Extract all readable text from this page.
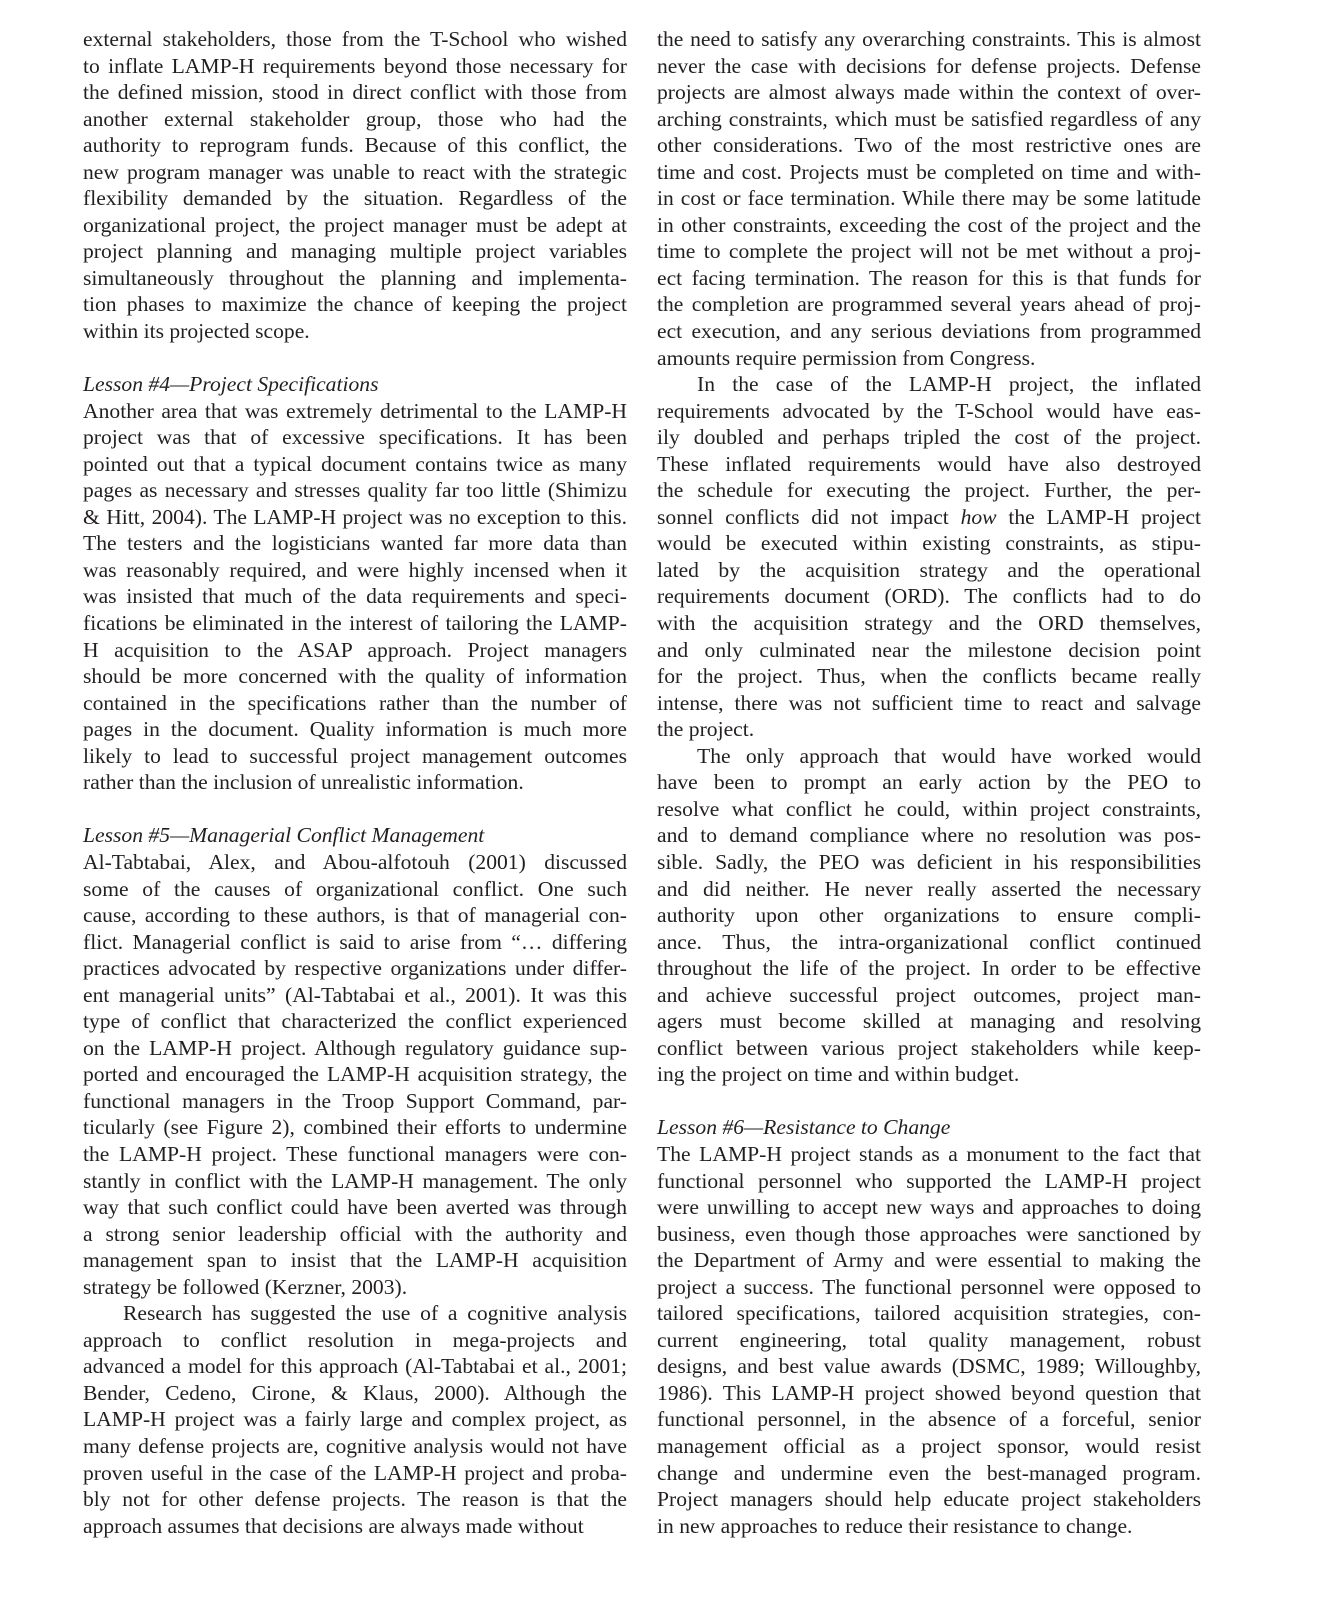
external stakeholders, those from the T-School who wished
to inflate LAMP-H requirements beyond those necessary for
the defined mission, stood in direct conflict with those from
another external stakeholder group, those who had the
authority to reprogram funds. Because of this conflict, the
new program manager was unable to react with the strategic
flexibility demanded by the situation. Regardless of the
organizational project, the project manager must be adept at
project planning and managing multiple project variables
simultaneously throughout the planning and implementa-
tion phases to maximize the chance of keeping the project
within its projected scope.
Lesson #4—Project Specifications
Another area that was extremely detrimental to the LAMP-H
project was that of excessive specifications. It has been
pointed out that a typical document contains twice as many
pages as necessary and stresses quality far too little (Shimizu
& Hitt, 2004). The LAMP-H project was no exception to this.
The testers and the logisticians wanted far more data than
was reasonably required, and were highly incensed when it
was insisted that much of the data requirements and speci-
fications be eliminated in the interest of tailoring the LAMP-
H acquisition to the ASAP approach. Project managers
should be more concerned with the quality of information
contained in the specifications rather than the number of
pages in the document. Quality information is much more
likely to lead to successful project management outcomes
rather than the inclusion of unrealistic information.
Lesson #5—Managerial Conflict Management
Al-Tabtabai, Alex, and Abou-alfotouh (2001) discussed
some of the causes of organizational conflict. One such
cause, according to these authors, is that of managerial con-
flict. Managerial conflict is said to arise from “… differing
practices advocated by respective organizations under differ-
ent managerial units” (Al-Tabtabai et al., 2001). It was this
type of conflict that characterized the conflict experienced
on the LAMP-H project. Although regulatory guidance sup-
ported and encouraged the LAMP-H acquisition strategy, the
functional managers in the Troop Support Command, par-
ticularly (see Figure 2), combined their efforts to undermine
the LAMP-H project. These functional managers were con-
stantly in conflict with the LAMP-H management. The only
way that such conflict could have been averted was through
a strong senior leadership official with the authority and
management span to insist that the LAMP-H acquisition
strategy be followed (Kerzner, 2003).
Research has suggested the use of a cognitive analysis
approach to conflict resolution in mega-projects and
advanced a model for this approach (Al-Tabtabai et al., 2001;
Bender, Cedeno, Cirone, & Klaus, 2000). Although the
LAMP-H project was a fairly large and complex project, as
many defense projects are, cognitive analysis would not have
proven useful in the case of the LAMP-H project and proba-
bly not for other defense projects. The reason is that the
approach assumes that decisions are always made without
the need to satisfy any overarching constraints. This is almost
never the case with decisions for defense projects. Defense
projects are almost always made within the context of over-
arching constraints, which must be satisfied regardless of any
other considerations. Two of the most restrictive ones are
time and cost. Projects must be completed on time and with-
in cost or face termination. While there may be some latitude
in other constraints, exceeding the cost of the project and the
time to complete the project will not be met without a proj-
ect facing termination. The reason for this is that funds for
the completion are programmed several years ahead of proj-
ect execution, and any serious deviations from programmed
amounts require permission from Congress.
In the case of the LAMP-H project, the inflated
requirements advocated by the T-School would have eas-
ily doubled and perhaps tripled the cost of the project.
These inflated requirements would have also destroyed
the schedule for executing the project. Further, the per-
sonnel conflicts did not impact how the LAMP-H project
would be executed within existing constraints, as stipu-
lated by the acquisition strategy and the operational
requirements document (ORD). The conflicts had to do
with the acquisition strategy and the ORD themselves,
and only culminated near the milestone decision point
for the project. Thus, when the conflicts became really
intense, there was not sufficient time to react and salvage
the project.
The only approach that would have worked would
have been to prompt an early action by the PEO to
resolve what conflict he could, within project constraints,
and to demand compliance where no resolution was pos-
sible. Sadly, the PEO was deficient in his responsibilities
and did neither. He never really asserted the necessary
authority upon other organizations to ensure compli-
ance. Thus, the intra-organizational conflict continued
throughout the life of the project. In order to be effective
and achieve successful project outcomes, project man-
agers must become skilled at managing and resolving
conflict between various project stakeholders while keep-
ing the project on time and within budget.
Lesson #6—Resistance to Change
The LAMP-H project stands as a monument to the fact that
functional personnel who supported the LAMP-H project
were unwilling to accept new ways and approaches to doing
business, even though those approaches were sanctioned by
the Department of Army and were essential to making the
project a success. The functional personnel were opposed to
tailored specifications, tailored acquisition strategies, con-
current engineering, total quality management, robust
designs, and best value awards (DSMC, 1989; Willoughby,
1986). This LAMP-H project showed beyond question that
functional personnel, in the absence of a forceful, senior
management official as a project sponsor, would resist
change and undermine even the best-managed program.
Project managers should help educate project stakeholders
in new approaches to reduce their resistance to change.
